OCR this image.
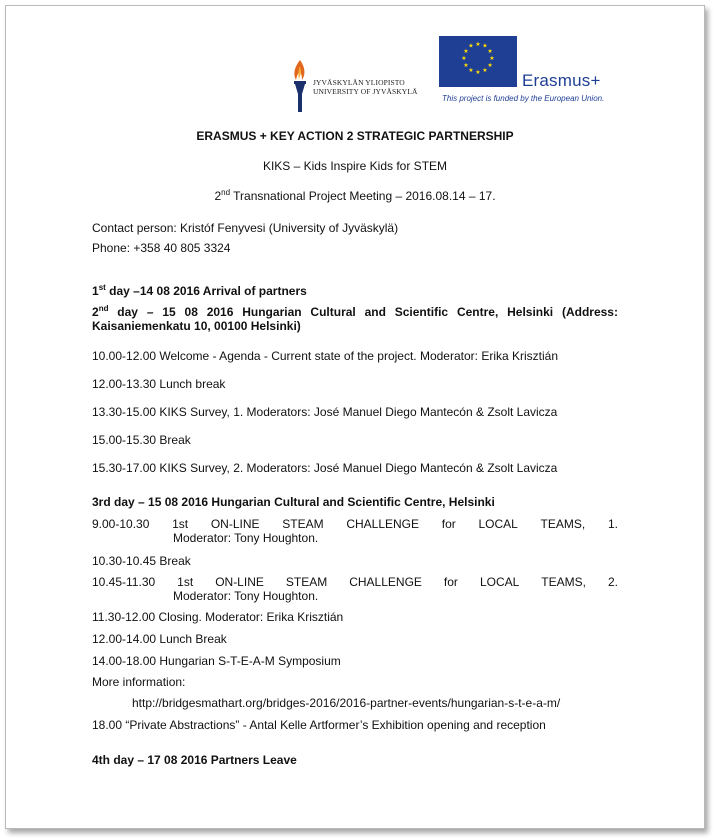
JYVÄSKYLÄN YLIOPISTO
UNIVERSITY OF JYVÄSKYLÄ
★ ★
★
★
★
★
★
★
★
★
★
★
Erasmus+
This project is funded by the European Union.
ERASMUS + KEY ACTION 2 STRATEGIC PARTNERSHIP
KIKS – Kids Inspire Kids for STEM
2nd Transnational Project Meeting – 2016.08.14 – 17.
Contact person: Kristóf Fenyvesi (University of Jyväskylä)
Phone: +358 40 805 3324
1st day –14 08 2016 Arrival of partners
2nd day – 15 08 2016 Hungarian Cultural and Scientific Centre, Helsinki (Address:
Kaisaniemenkatu 10, 00100 Helsinki)
10.00-12.00 Welcome - Agenda - Current state of the project. Moderator: Erika Krisztián
12.00-13.30 Lunch break
13.30-15.00 KIKS Survey, 1. Moderators: José Manuel Diego Mantecón & Zsolt Lavicza
15.00-15.30 Break
15.30-17.00 KIKS Survey, 2. Moderators: José Manuel Diego Mantecón & Zsolt Lavicza
3rd day – 15 08 2016 Hungarian Cultural and Scientific Centre, Helsinki
9.00-10.30 1st ON-LINE STEAM CHALLENGE for LOCAL TEAMS, 1.
Moderator: Tony Houghton.
10.30-10.45 Break
10.45-11.30 1st ON-LINE STEAM CHALLENGE for LOCAL TEAMS, 2.
Moderator: Tony Houghton.
11.30-12.00 Closing. Moderator: Erika Krisztián
12.00-14.00 Lunch Break
14.00-18.00 Hungarian S-T-E-A-M Symposium
More information:
http://bridgesmathart.org/bridges-2016/2016-partner-events/hungarian-s-t-e-a-m/
18.00 “Private Abstractions” - Antal Kelle Artformer’s Exhibition opening and reception
4th day – 17 08 2016 Partners Leave
